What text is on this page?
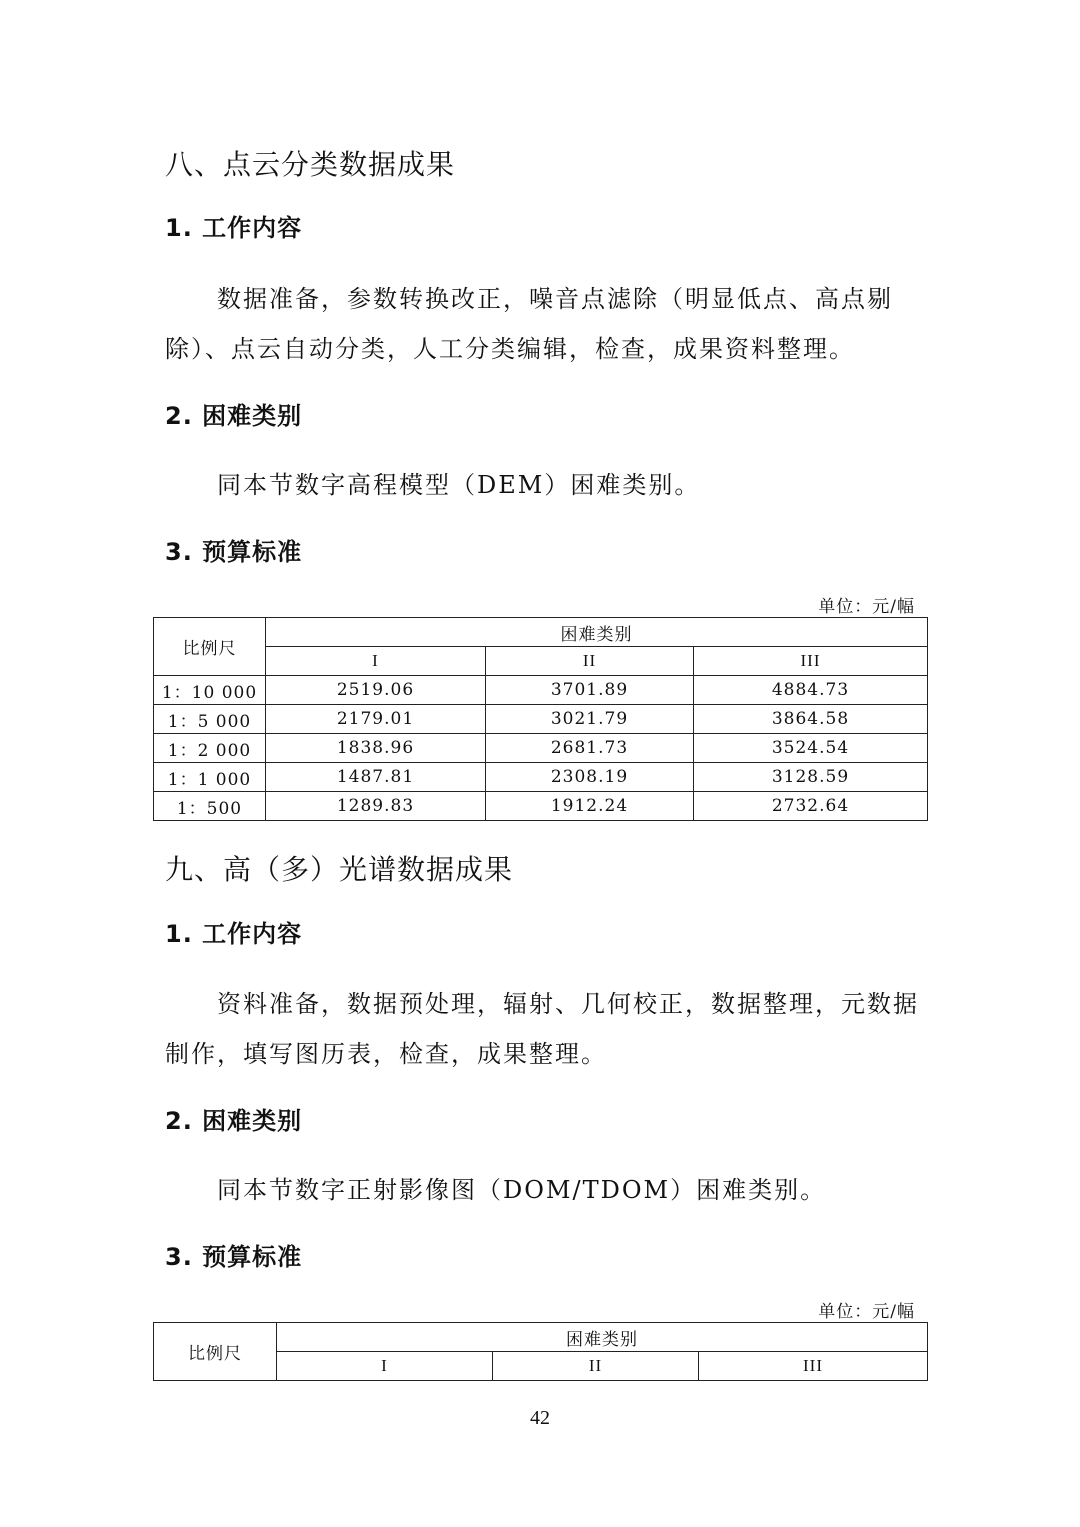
八、点云分类数据成果
1. 工作内容

数据准备，参数转换改正，噪音点滤除（明显低点、高点剔除）、点云自动分类，人工分类编辑，检查，成果资料整理。

2. 困难类别

同本节数字高程模型（DEM）困难类别。

3. 预算标准
单位：元/幅
比例尺	困难类别		
	I	II	III
1：10 000	2519.06	3701.89	4884.73
1：5 000	2179.01	3021.79	3864.58
1：2 000	1838.96	2681.73	3524.54
1：1 000	1487.81	2308.19	3128.59
1：500	1289.83	1912.24	2732.64
九、高（多）光谱数据成果
1. 工作内容

资料准备，数据预处理，辐射、几何校正，数据整理，元数据制作，填写图历表，检查，成果整理。

2. 困难类别

同本节数字正射影像图（DOM/TDOM）困难类别。

3. 预算标准
单位：元/幅
比例尺	困难类别		
	I	II	III
42
